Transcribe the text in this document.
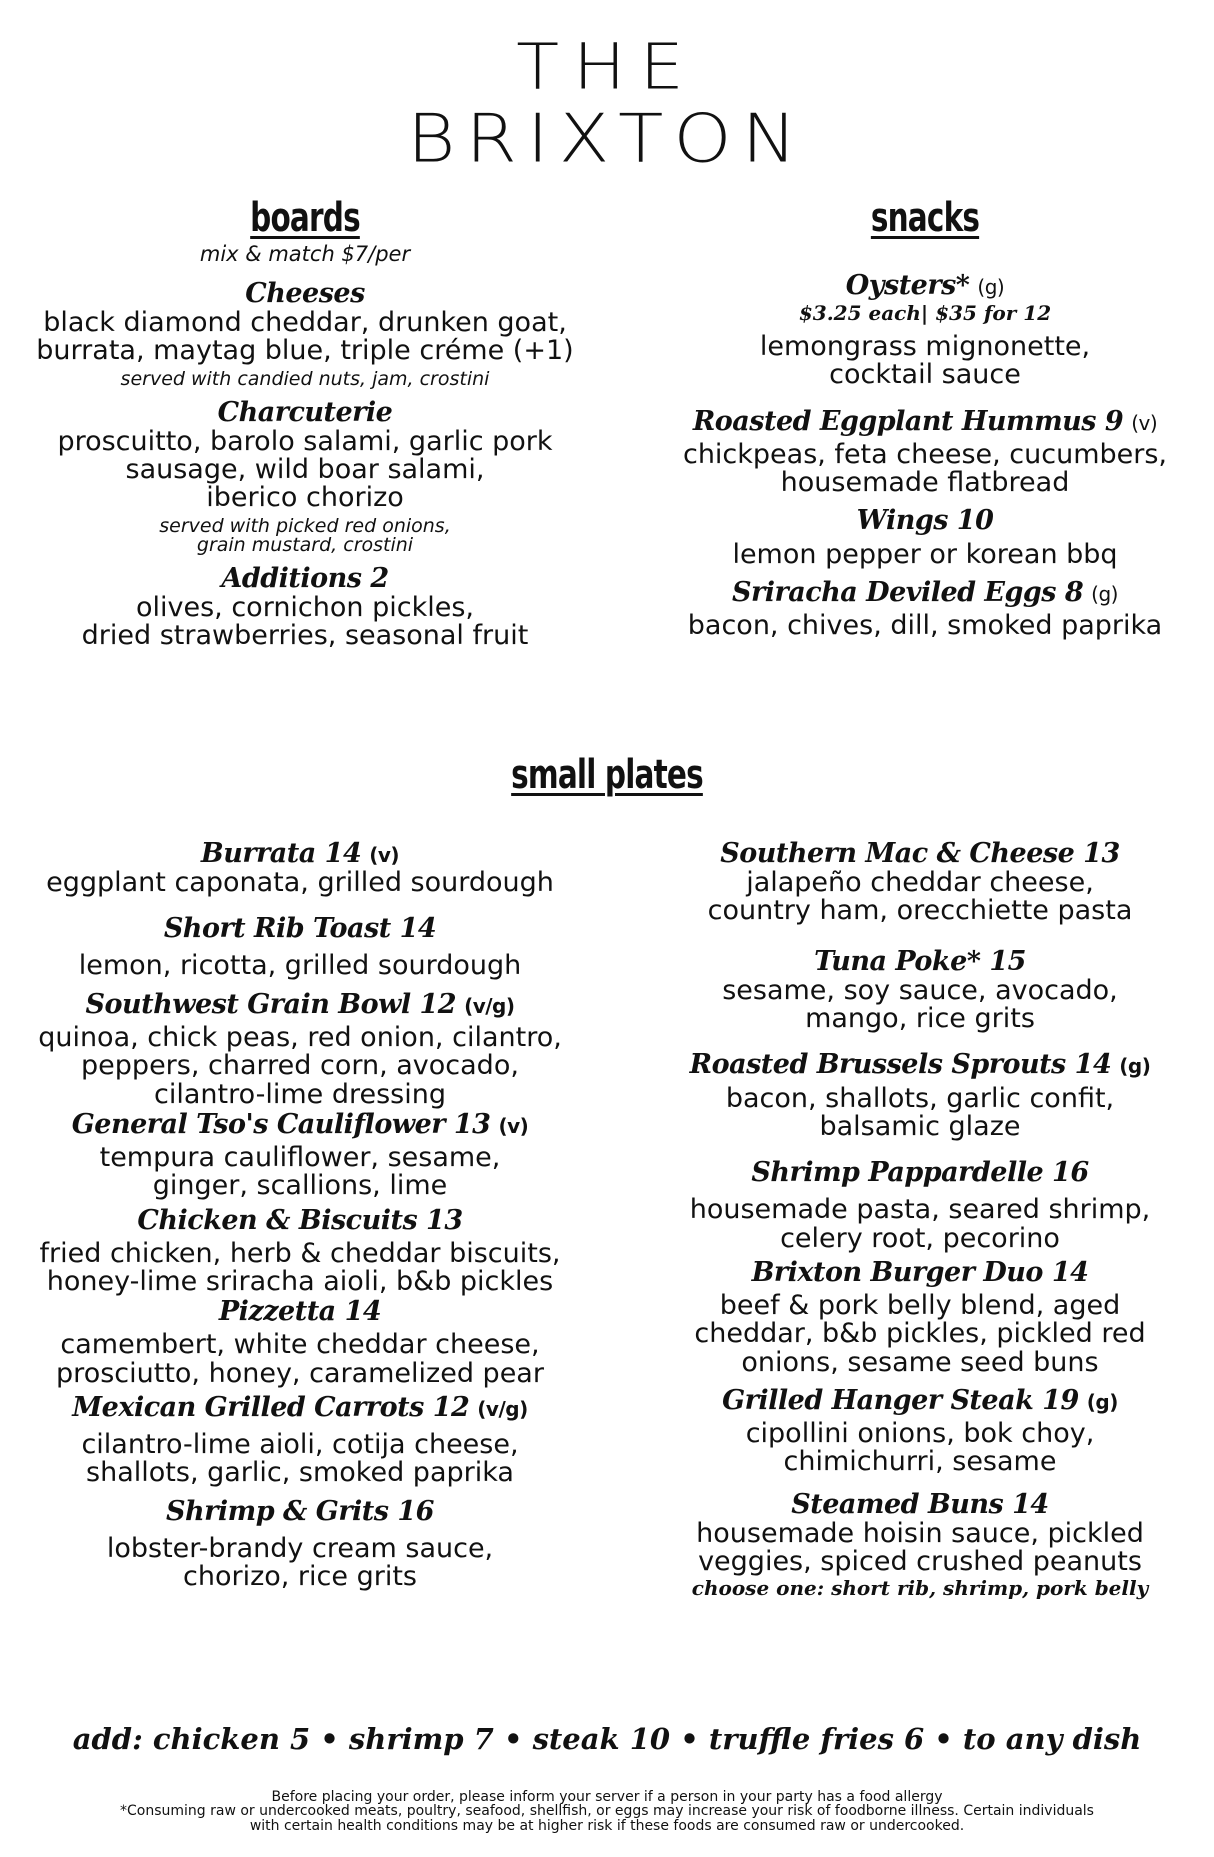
THE
BRIXTON
boards
mix & match $7/per
Cheeses
black diamond cheddar, drunken goat,
burrata, maytag blue, triple créme (+1)
served with candied nuts, jam, crostini
Charcuterie
proscuitto, barolo salami, garlic pork
sausage, wild boar salami,
iberico chorizo
served with picked red onions,
grain mustard, crostini
Additions 2
olives, cornichon pickles,
dried strawberries, seasonal fruit
snacks
Oysters* (g)
$3.25 each| $35 for 12
lemongrass mignonette,
cocktail sauce
Roasted Eggplant Hummus 9 (v)
chickpeas, feta cheese, cucumbers,
housemade flatbread
Wings 10
lemon pepper or korean bbq
Sriracha Deviled Eggs 8 (g)
bacon, chives, dill, smoked paprika
small plates
Burrata 14 (v)
eggplant caponata, grilled sourdough
Short Rib Toast 14
lemon, ricotta, grilled sourdough
Southwest Grain Bowl 12 (v/g)
quinoa, chick peas, red onion, cilantro,
peppers, charred corn, avocado,
cilantro-lime dressing
General Tso's Cauliflower 13 (v)
tempura cauliflower, sesame,
ginger, scallions, lime
Chicken & Biscuits 13
fried chicken, herb & cheddar biscuits,
honey-lime sriracha aioli, b&b pickles
Pizzetta 14
camembert, white cheddar cheese,
prosciutto, honey, caramelized pear
Mexican Grilled Carrots 12 (v/g)
cilantro-lime aioli, cotija cheese,
shallots, garlic, smoked paprika
Shrimp & Grits 16
lobster-brandy cream sauce,
chorizo, rice grits
Southern Mac & Cheese 13
jalapeño cheddar cheese,
country ham, orecchiette pasta
Tuna Poke* 15
sesame, soy sauce, avocado,
mango, rice grits
Roasted Brussels Sprouts 14 (g)
bacon, shallots, garlic confit,
balsamic glaze
Shrimp Pappardelle 16
housemade pasta, seared shrimp,
celery root, pecorino
Brixton Burger Duo 14
beef & pork belly blend, aged
cheddar, b&b pickles, pickled red
onions, sesame seed buns
Grilled Hanger Steak 19 (g)
cipollini onions, bok choy,
chimichurri, sesame
Steamed Buns 14
housemade hoisin sauce, pickled
veggies, spiced crushed peanuts
choose one: short rib, shrimp, pork belly
add: chicken 5 • shrimp 7 • steak 10 • truffle fries 6 • to any dish
Before placing your order, please inform your server if a person in your party has a food allergy
*Consuming raw or undercooked meats, poultry, seafood, shellfish, or eggs may increase your risk of foodborne illness. Certain individuals
with certain health conditions may be at higher risk if these foods are consumed raw or undercooked.
